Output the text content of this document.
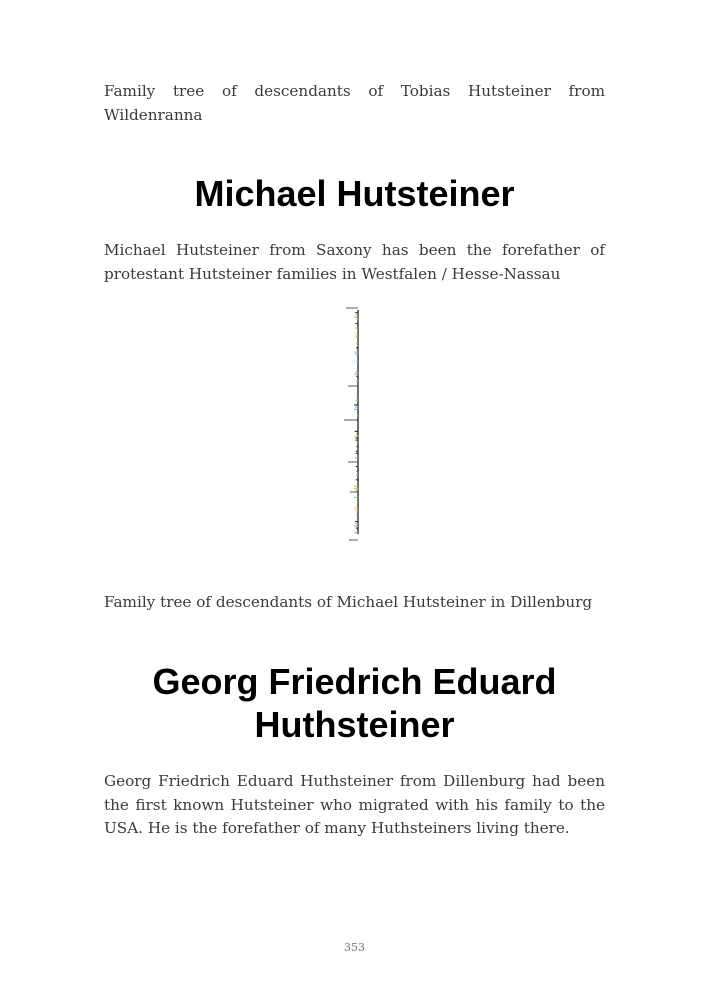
Family tree of descendants of Tobias Hutsteiner from Wildenranna

Michael Hutsteiner

Michael Hutsteiner from Saxony has been the forefather of protestant Hutsteiner families in Westfalen / Hesse-Nassau

Family tree of descendants of Michael Hutsteiner in Dillenburg

Georg Friedrich Eduard
Huthsteiner

Georg Friedrich Eduard Huthsteiner from Dillenburg had been the first known Hutsteiner who migrated with his family to the USA. He is the forefather of many Huthsteiners living there.

353
